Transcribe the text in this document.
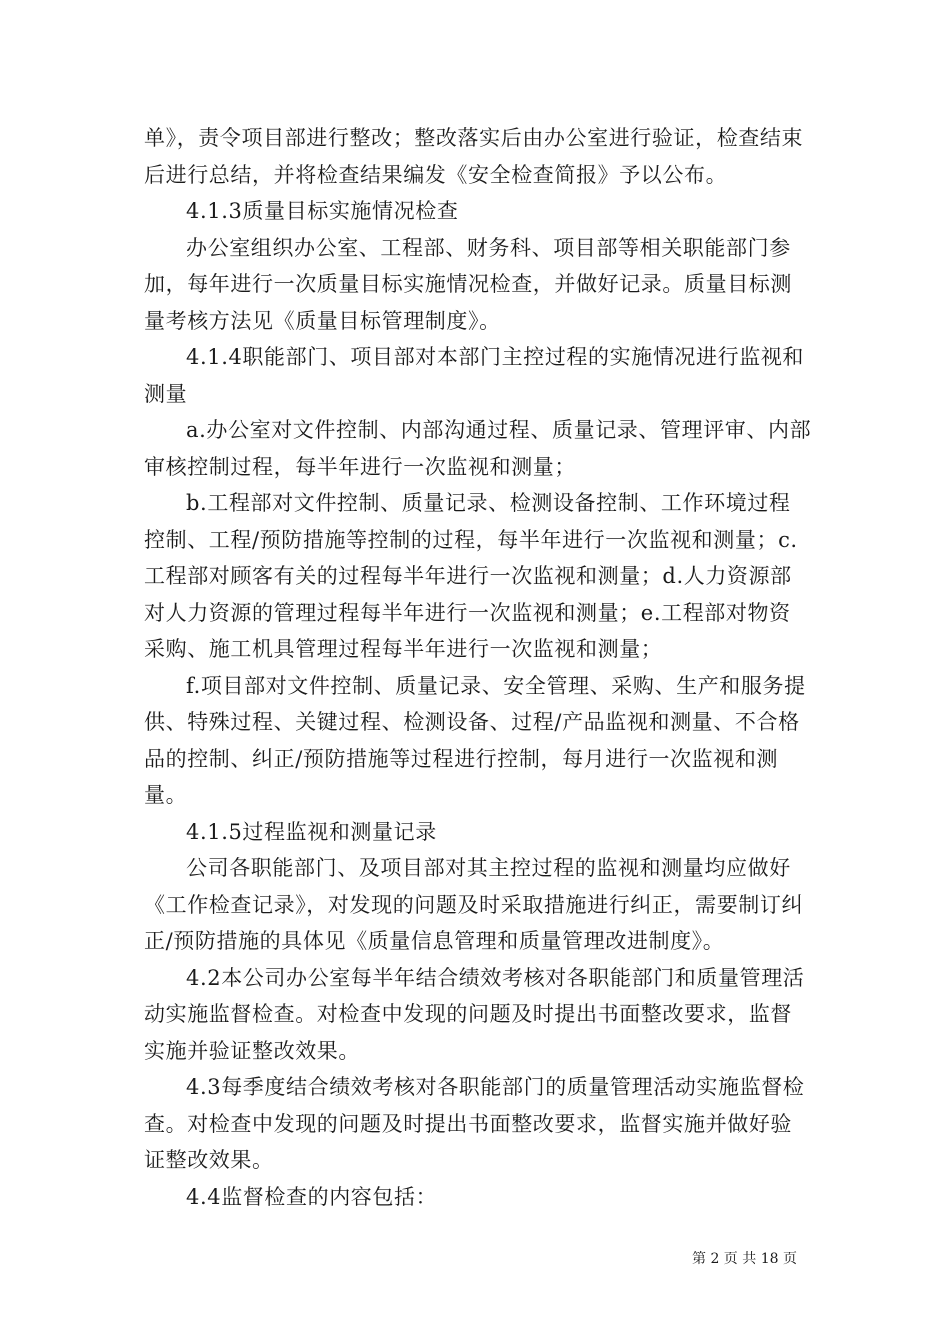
单》，责令项目部进行整改；整改落实后由办公室进行验证，检查结束后进行总结，并将检查结果编发《安全检查简报》予以公布。

4.1.3质量目标实施情况检查

办公室组织办公室、工程部、财务科、项目部等相关职能部门参加，每年进行一次质量目标实施情况检查，并做好记录。质量目标测量考核方法见《质量目标管理制度》。

4.1.4职能部门、项目部对本部门主控过程的实施情况进行监视和测量

a.办公室对文件控制、内部沟通过程、质量记录、管理评审、内部审核控制过程，每半年进行一次监视和测量；

b.工程部对文件控制、质量记录、检测设备控制、工作环境过程控制、工程/预防措施等控制的过程，每半年进行一次监视和测量；c.工程部对顾客有关的过程每半年进行一次监视和测量；d.人力资源部对人力资源的管理过程每半年进行一次监视和测量；e.工程部对物资采购、施工机具管理过程每半年进行一次监视和测量；

f.项目部对文件控制、质量记录、安全管理、采购、生产和服务提供、特殊过程、关键过程、检测设备、过程/产品监视和测量、不合格品的控制、纠正/预防措施等过程进行控制，每月进行一次监视和测量。

4.1.5过程监视和测量记录

公司各职能部门、及项目部对其主控过程的监视和测量均应做好《工作检查记录》，对发现的问题及时采取措施进行纠正，需要制订纠正/预防措施的具体见《质量信息管理和质量管理改进制度》。

4.2本公司办公室每半年结合绩效考核对各职能部门和质量管理活动实施监督检查。对检查中发现的问题及时提出书面整改要求，监督实施并验证整改效果。

4.3每季度结合绩效考核对各职能部门的质量管理活动实施监督检查。对检查中发现的问题及时提出书面整改要求，监督实施并做好验证整改效果。

4.4监督检查的内容包括：

第 2 页 共 18 页
